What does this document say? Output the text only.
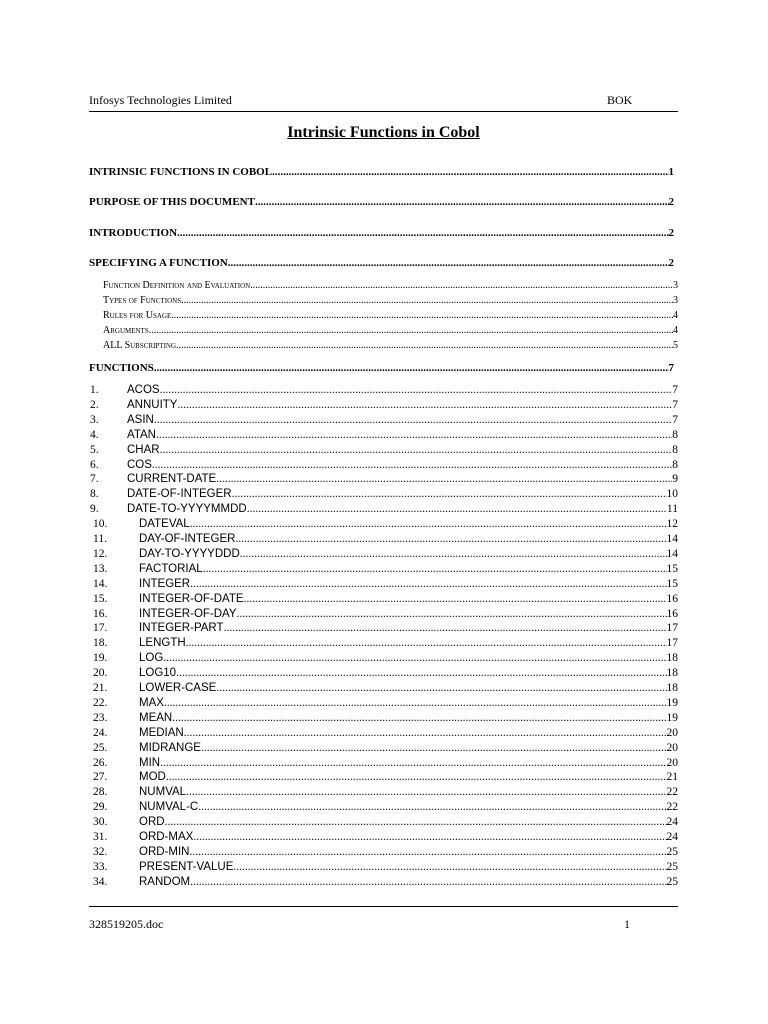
Infosys Technologies Limited	BOK
Intrinsic Functions in Cobol
INTRINSIC FUNCTIONS IN COBOL .....	1
PURPOSE OF THIS DOCUMENT .....	2
INTRODUCTION .....	2
SPECIFYING A FUNCTION .....	2
Function Definition and Evaluation .....	3
Types of Functions .....	3
Rules for Usage .....	4
Arguments .....	4
ALL Subscripting .....	5
FUNCTIONS .....	7
1.	ACOS .....	7
2.	ANNUITY .....	7
3.	ASIN .....	7
4.	ATAN .....	8
5.	CHAR .....	8
6.	COS .....	8
7.	CURRENT-DATE .....	9
8.	DATE-OF-INTEGER .....	10
9.	DATE-TO-YYYYMMDD .....	11
10.	DATEVAL .....	12
11.	DAY-OF-INTEGER .....	14
12.	DAY-TO-YYYYDDD .....	14
13.	FACTORIAL .....	15
14.	INTEGER .....	15
15.	INTEGER-OF-DATE .....	16
16.	INTEGER-OF-DAY .....	16
17.	INTEGER-PART .....	17
18.	LENGTH .....	17
19.	LOG .....	18
20.	LOG10 .....	18
21.	LOWER-CASE .....	18
22.	MAX .....	19
23.	MEAN .....	19
24.	MEDIAN .....	20
25.	MIDRANGE .....	20
26.	MIN .....	20
27.	MOD .....	21
28.	NUMVAL .....	22
29.	NUMVAL-C .....	22
30.	ORD .....	24
31.	ORD-MAX .....	24
32.	ORD-MIN .....	25
33.	PRESENT-VALUE .....	25
34.	RANDOM .....	25
328519205.doc	1
